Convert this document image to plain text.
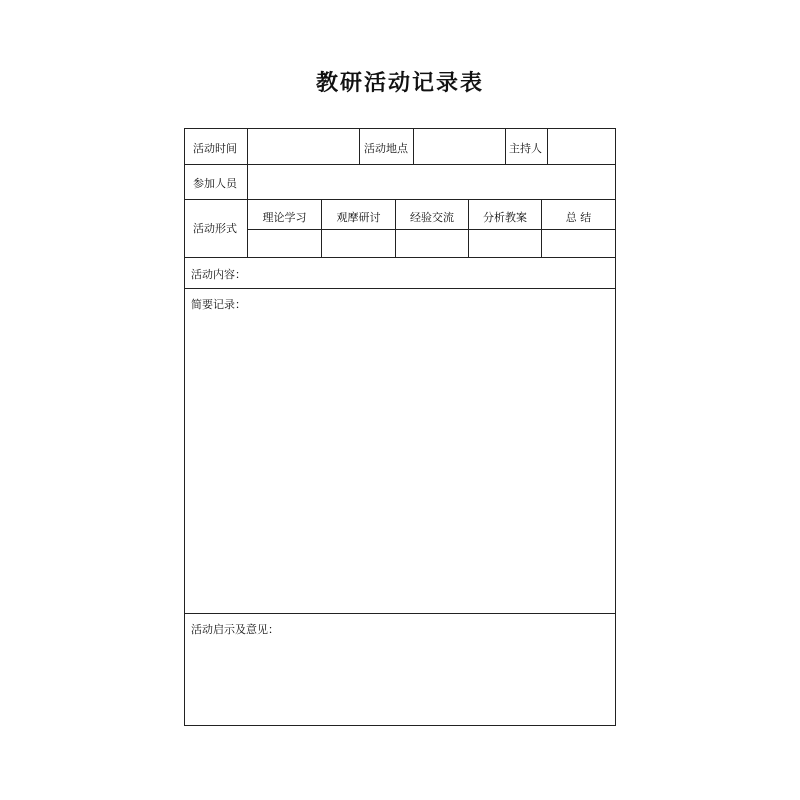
教研活动记录表
活动时间	活动地点	主持人
参加人员
活动形式
理论学习	观摩研讨	经验交流	分析教案	总 结
活动内容：
简要记录：
活动启示及意见：
